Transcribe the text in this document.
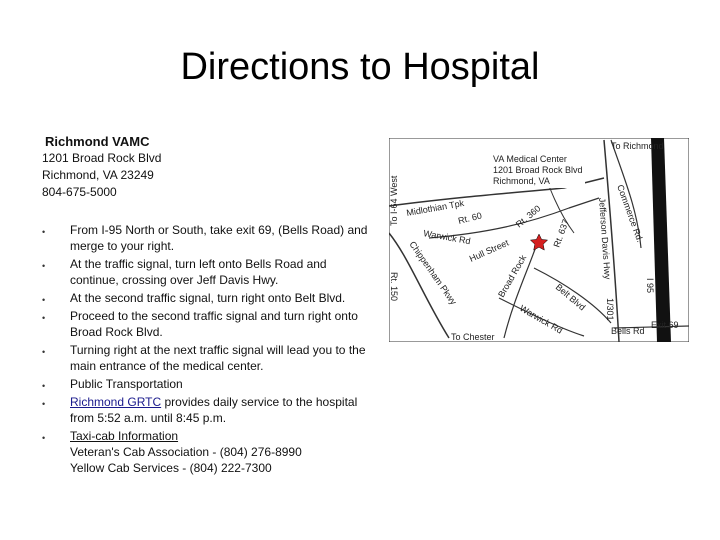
Directions to Hospital
Richmond VAMC
1201 Broad Rock Blvd
Richmond, VA 23249
804-675-5000
• From I-95 North or South, take exit 69, (Bells Road) and merge to your right.
• At the traffic signal, turn left onto Bells Road and continue, crossing over Jeff Davis Hwy.
• At the second traffic signal, turn right onto Belt Blvd.
• Proceed to the second traffic signal and turn right onto Broad Rock Blvd.
• Turning right at the next traffic signal will lead you to the main entrance of the medical center.
• Public Transportation
• Richmond GRTC provides daily service to the hospital from 5:52 a.m. until 8:45 p.m.
• Taxi-cab Information
Veteran's Cab Association - (804) 276-8990
Yellow Cab Services - (804) 222-7300
VA Medical Center
1201 Broad Rock Blvd
Richmond, VA
To Richmond
To I-64 West Midlothian Tpk
Rt. 60	Rt. 360
Rt. 637
Warwick Rd
Hull Street
Chippenham Pkwy
Rt. 150	Broad Rock	Belt Blvd
Warwick Rd
Jefferson Davis Hwy Commerce Rd.
I 95
1/301
Bells Rd
Exit 69
To Chester
